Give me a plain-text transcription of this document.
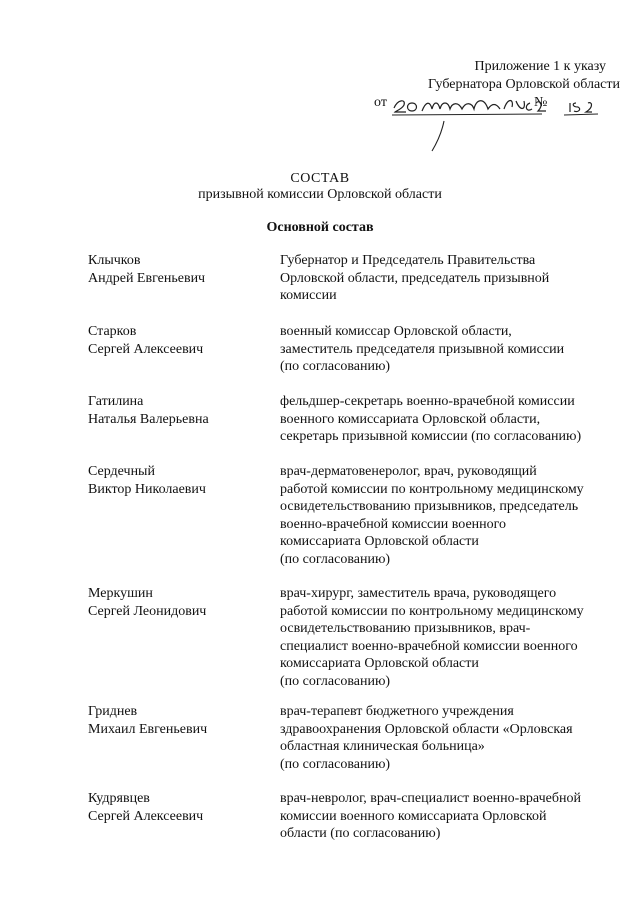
Приложение 1 к указу
Губернатора Орловской области
от	№
СОСТАВ
призывной комиссии Орловской области
Основной состав
Клычков
Андрей Евгеньевич
Губернатор и Председатель Правительства
Орловской области, председатель призывной
комиссии
Старков
Сергей Алексеевич
военный комиссар Орловской области,
заместитель председателя призывной комиссии
(по согласованию)
Гатилина
Наталья Валерьевна
фельдшер-секретарь военно-врачебной комиссии
военного комиссариата Орловской области,
секретарь призывной комиссии (по согласованию)
Сердечный
Виктор Николаевич
врач-дерматовенеролог, врач, руководящий
работой комиссии по контрольному медицинскому
освидетельствованию призывников, председатель
военно-врачебной комиссии военного
комиссариата Орловской области
(по согласованию)
Меркушин
Сергей Леонидович
врач-хирург, заместитель врача, руководящего
работой комиссии по контрольному медицинскому
освидетельствованию призывников, врач-
специалист военно-врачебной комиссии военного
комиссариата Орловской области
(по согласованию)
Гриднев
Михаил Евгеньевич
врач-терапевт бюджетного учреждения
здравоохранения Орловской области «Орловская
областная клиническая больница»
(по согласованию)
Кудрявцев
Сергей Алексеевич
врач-невролог, врач-специалист военно-врачебной
комиссии военного комиссариата Орловской
области (по согласованию)
